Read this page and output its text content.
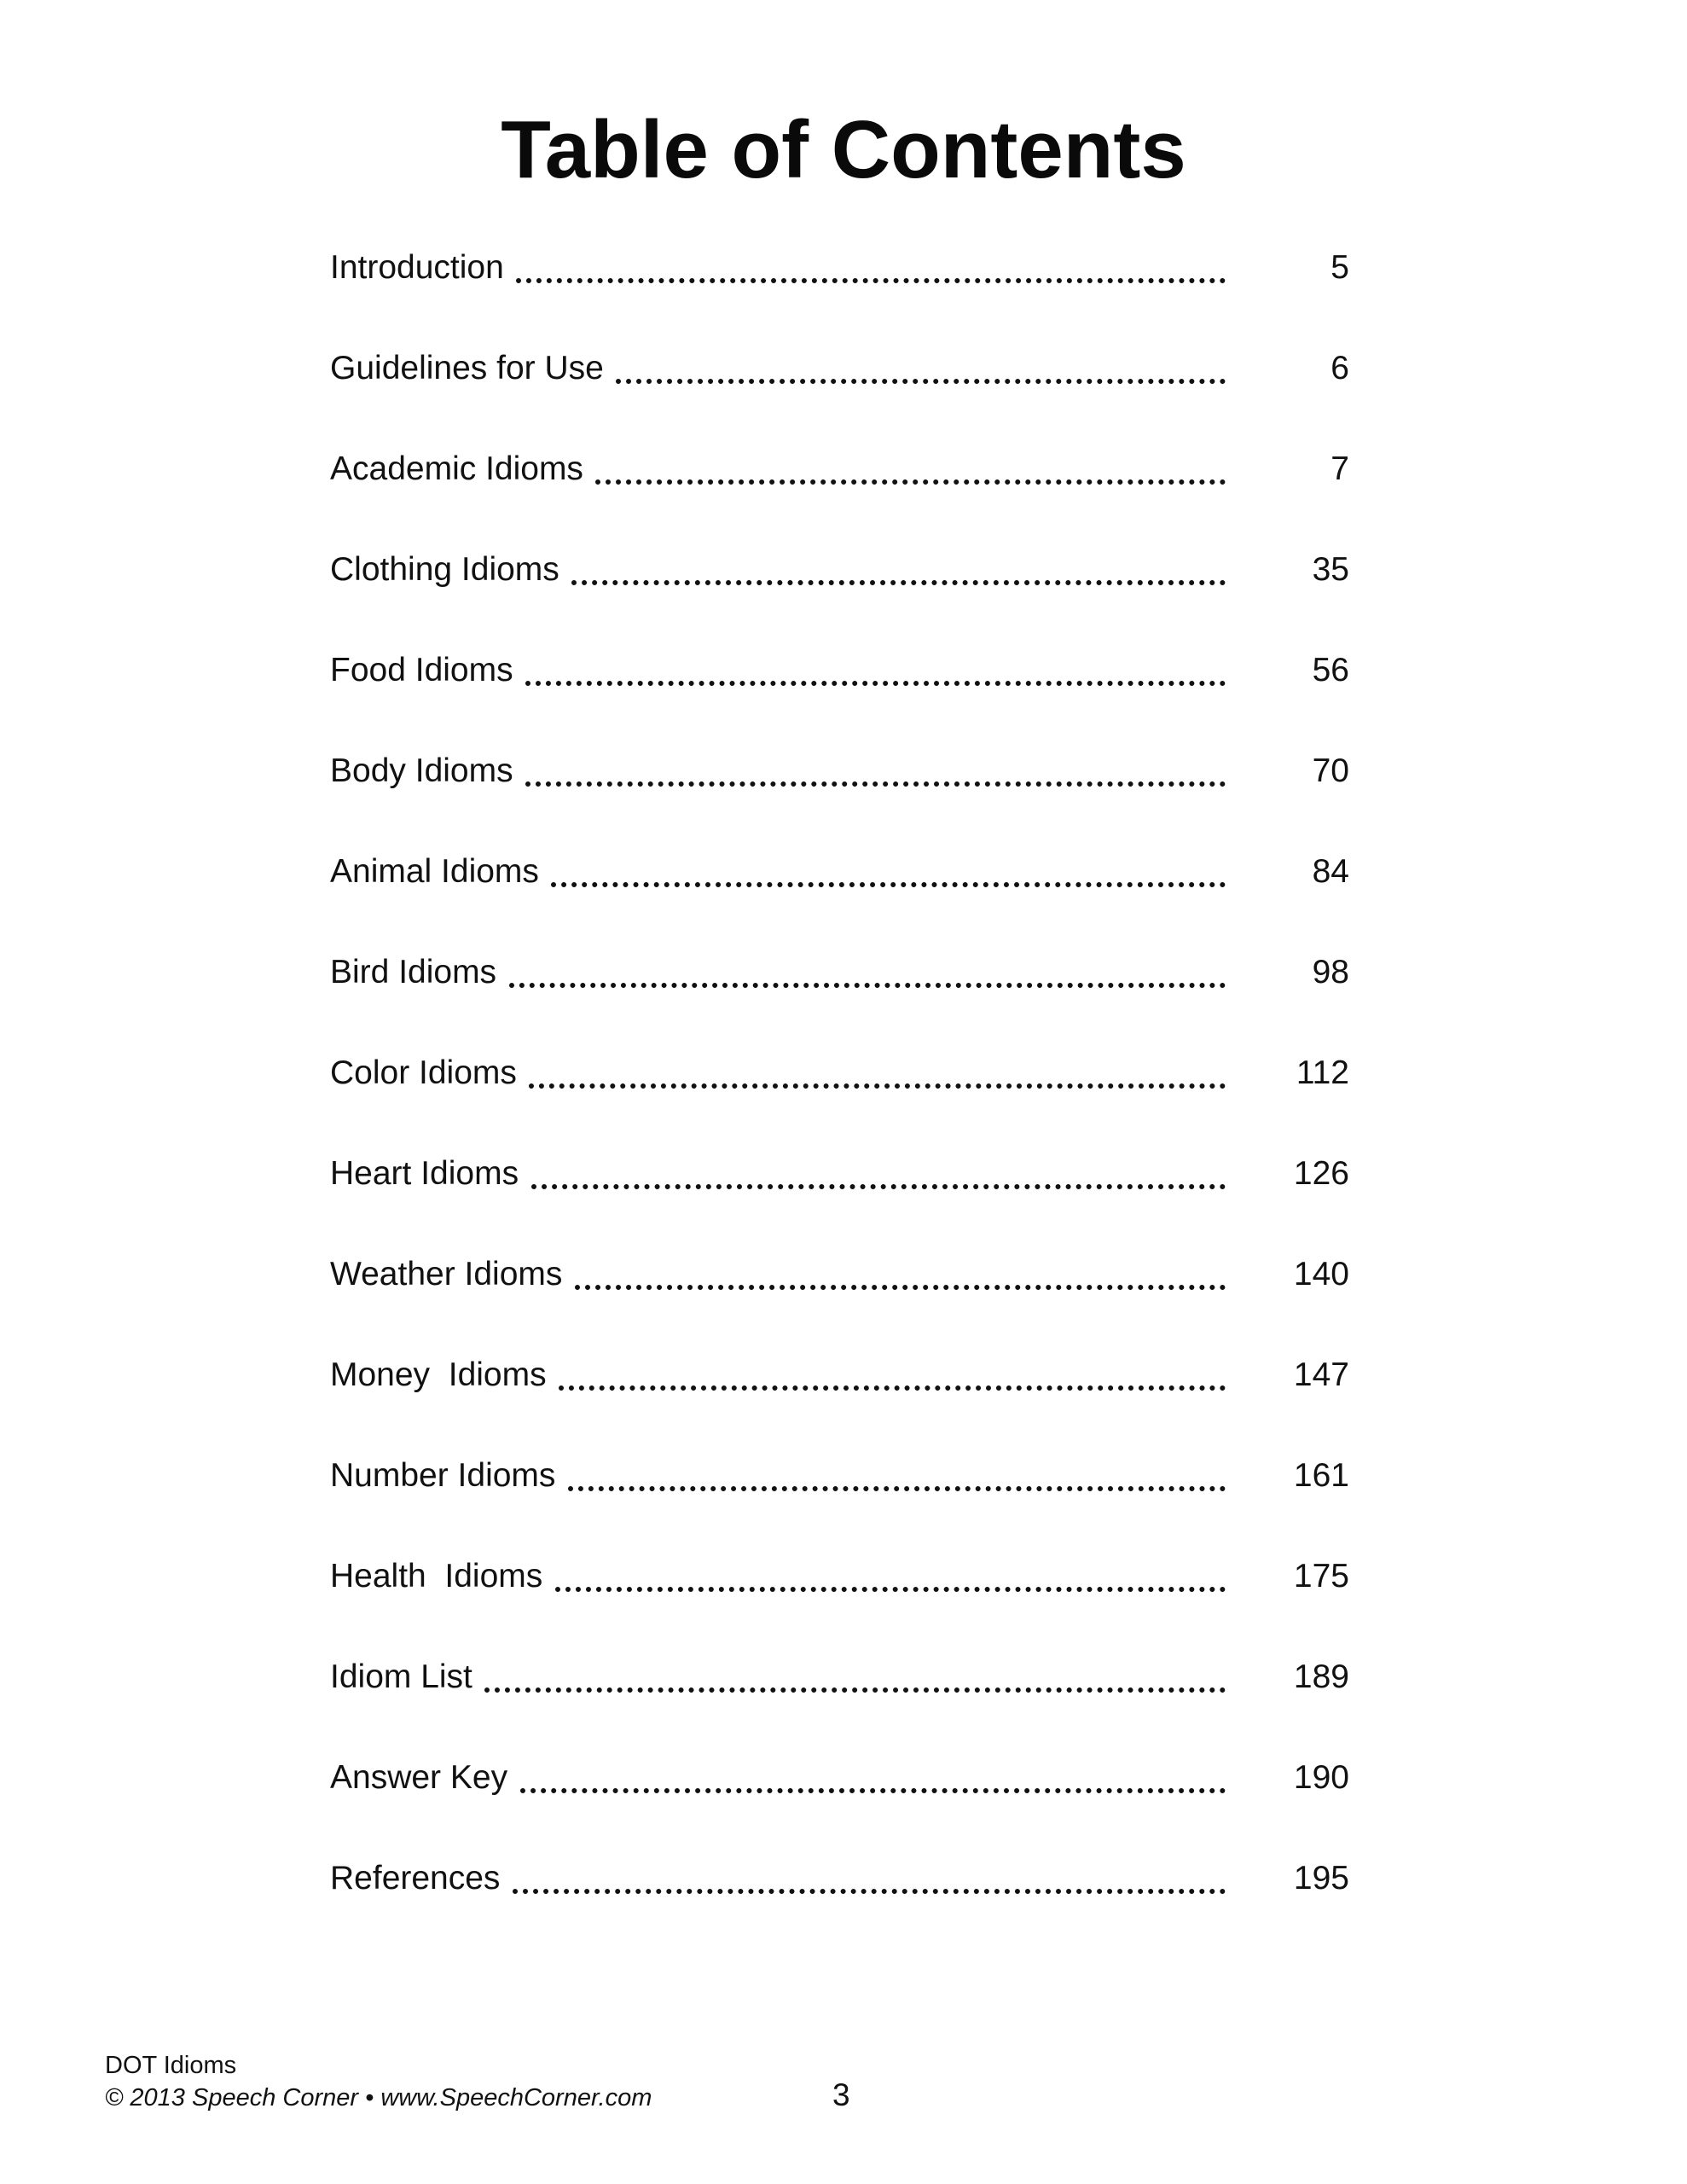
Table of Contents
Introduction	5
Guidelines for Use	6
Academic Idioms	7
Clothing Idioms	35
Food Idioms	56
Body Idioms	70
Animal Idioms	84
Bird Idioms	98
Color Idioms	112
Heart Idioms	126
Weather Idioms	140
Money  Idioms	147
Number Idioms	161
Health  Idioms	175
Idiom List	189
Answer Key	190
References	195
DOT Idioms
© 2013 Speech Corner • www.SpeechCorner.com	3
